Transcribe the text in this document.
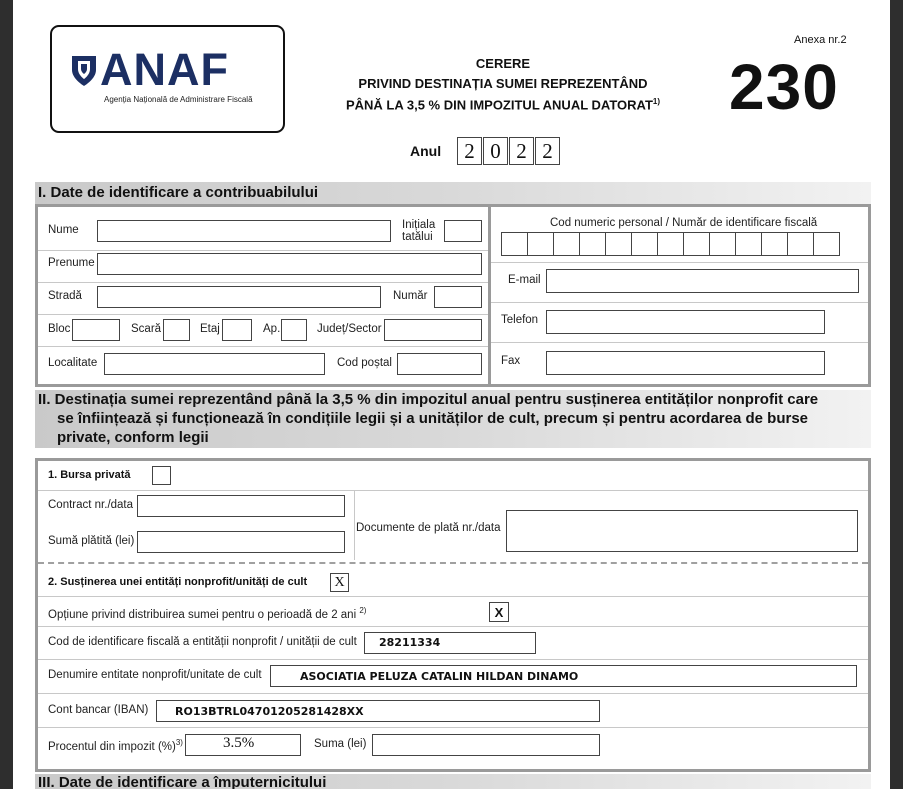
ANAF
Agenția Națională de Administrare Fiscală
CERERE
PRIVIND DESTINAȚIA SUMEI REPREZENTÂND
PÂNĂ LA 3,5 % DIN IMPOZITUL ANUAL DATORAT$^{1)}$
Anexa nr.2
230
Anul	2 0 2 2
I. Date de identificare a contribuabilului
Nume	Inițiala
tatălui
Prenume
Stradă	Număr
Bloc	Scară	Etaj	Ap.	Județ/Sector
Localitate	Cod poștal
Cod numeric personal / Număr de identificare fiscală
E-mail
Telefon
Fax
II. Destinația sumei reprezentând până la 3,5 % din impozitul anual pentru susținerea entităților nonprofit care
se înființează și funcționează în condițiile legii și a unităților de cult, precum și pentru acordarea de burse
private, conform legii
1. Bursa privată
Contract nr./data
Sumă plătită (lei)
Documente de plată nr./data
2. Susținerea unei entități nonprofit/unități de cult	X
Opțiune privind distribuirea sumei pentru o perioadă de 2 ani $^{2)}$	X
Cod de identificare fiscală a entității nonprofit / unității de cult 28211334
Denumire entitate nonprofit/unitate de cult	ASOCIATIA PELUZA CATALIN HILDAN DINAMO
Cont bancar (IBAN) RO13BTRL04701205281428XX
Procentul din impozit (%)$^{3)}$	3.5%	Suma (lei)
III. Date de identificare a împuternicitului
